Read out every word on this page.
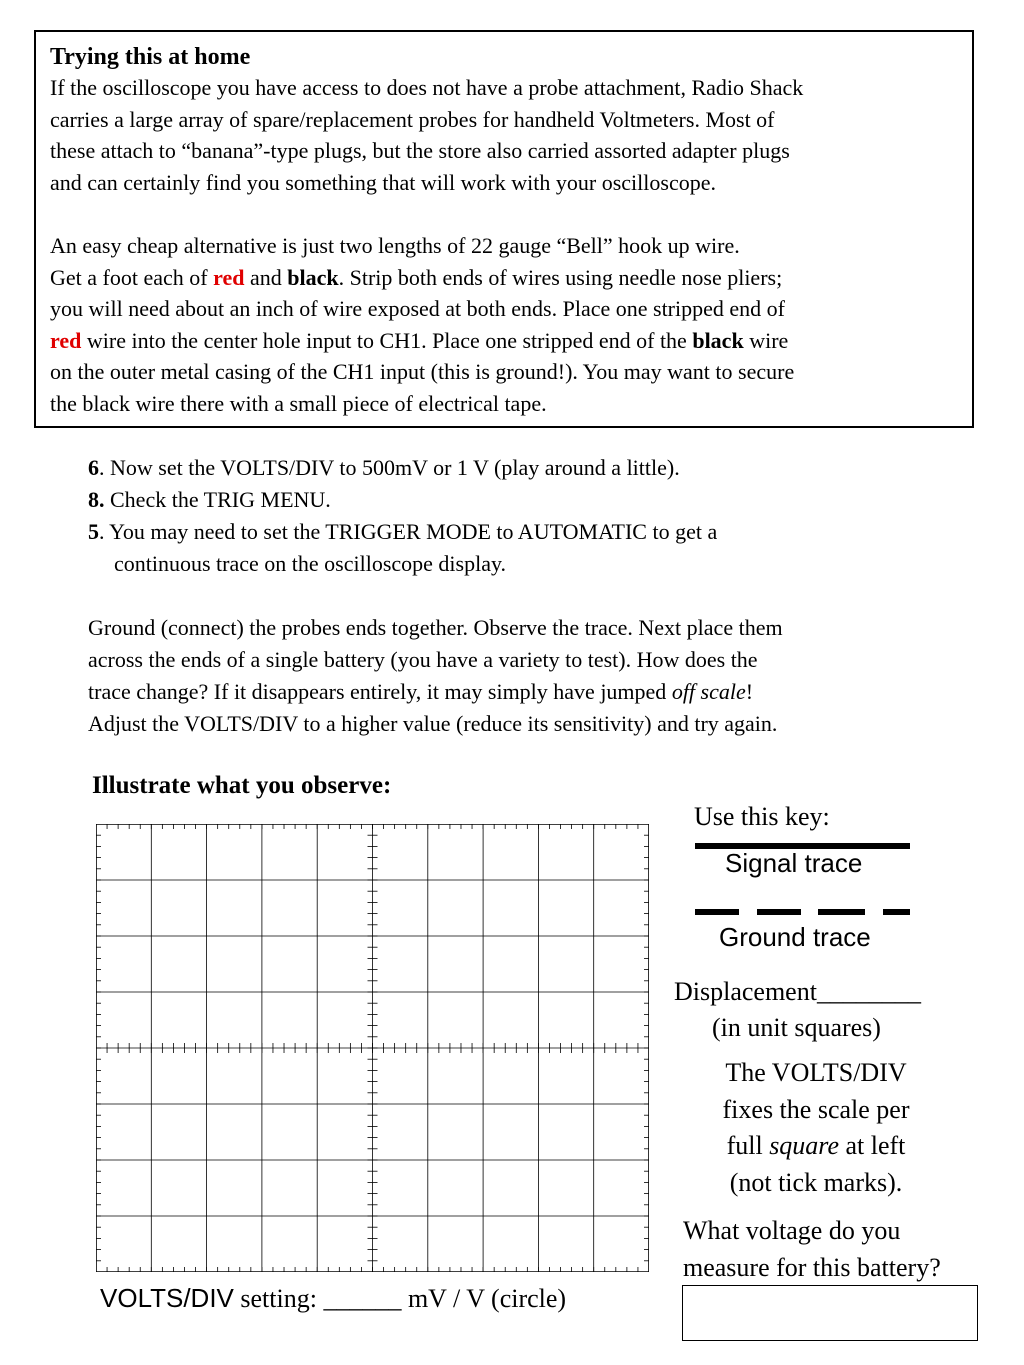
Trying this at home
If the oscilloscope you have access to does not have a probe attachment, Radio Shack
carries a large array of spare/replacement probes for handheld Voltmeters. Most of
these attach to “banana”-type plugs, but the store also carried assorted adapter plugs
and can certainly find you something that will work with your oscilloscope.
An easy cheap alternative is just two lengths of 22 gauge “Bell” hook up wire.
Get a foot each of red and black. Strip both ends of wires using needle nose pliers;
you will need about an inch of wire exposed at both ends. Place one stripped end of
red wire into the center hole input to CH1. Place one stripped end of the black wire
on the outer metal casing of the CH1 input (this is ground!). You may want to secure
the black wire there with a small piece of electrical tape.
6. Now set the VOLTS/DIV to 500mV or 1 V (play around a little).
8. Check the TRIG MENU.
5. You may need to set the TRIGGER MODE to AUTOMATIC to get a
continuous trace on the oscilloscope display.
Ground (connect) the probes ends together. Observe the trace. Next place them
across the ends of a single battery (you have a variety to test). How does the
trace change? If it disappears entirely, it may simply have jumped off scale!
Adjust the VOLTS/DIV to a higher value (reduce its sensitivity) and try again.
Illustrate what you observe:
Use this key:
Signal trace
Ground trace
Displacement________
(in unit squares)
The VOLTS/DIV
fixes the scale per
full square at left
(not tick marks).
What voltage do you
measure for this battery?
VOLTS/DIV setting: ______ mV / V (circle)
